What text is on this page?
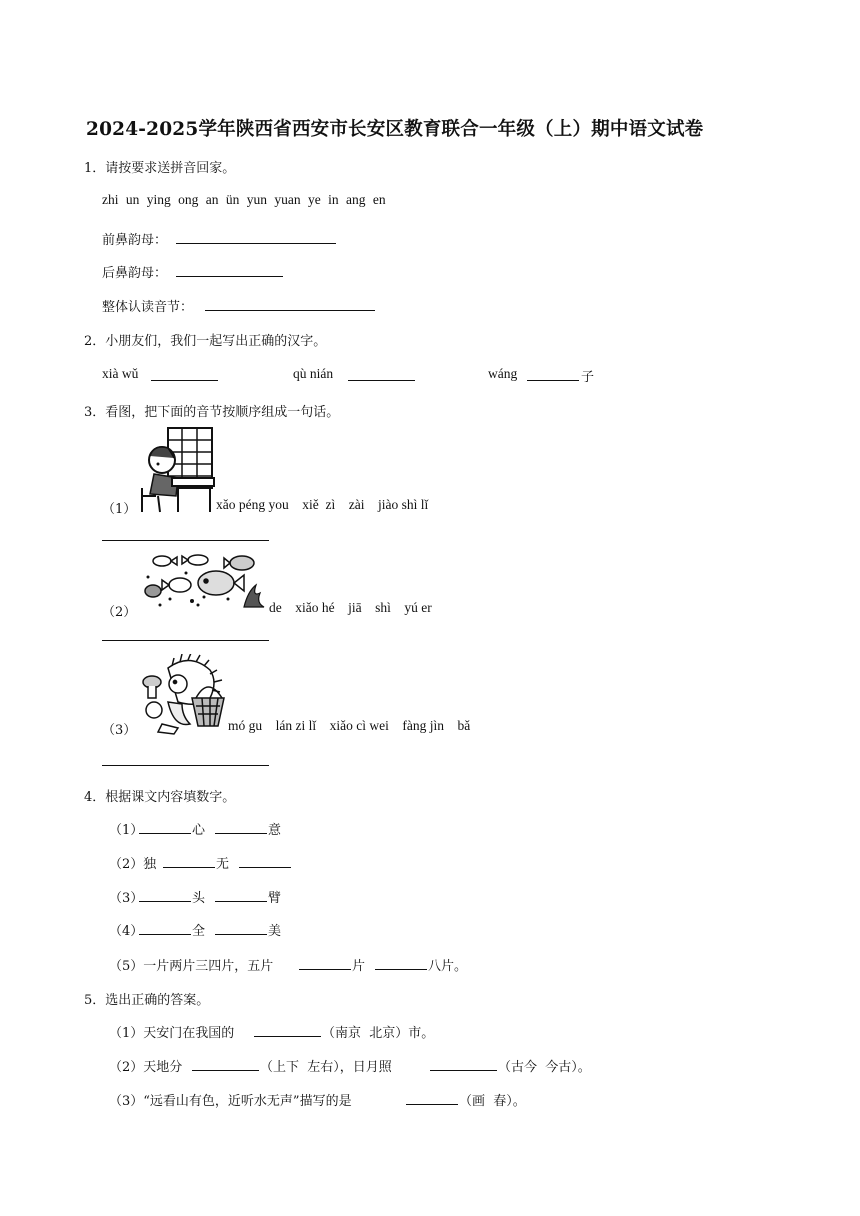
2024-2025学年陕西省西安市长安区教育联合一年级（上）期中语文试卷
1．请按要求送拼音回家。
zhi un ying ong an ün yun yuan ye in ang en
前鼻韵母：
后鼻韵母：
整体认读音节：
2．小朋友们，我们一起写出正确的汉字。
xià wǔ	qù nián	wáng	子
3．看图，把下面的音节按顺序组成一句话。
（1）	xǎo péng you    xiě  zì    zài    jiào shì lǐ
（2）	de    xiǎo hé    jiā    shì    yú er
（3）	mó gu    lán zi lǐ    xiǎo cì wei    fàng jìn    bǎ
4．根据课文内容填数字。
（1）	心	意
（2）独	无
（3）	头	臂
（4）	全	美
（5）一片两片三四片，五片	片	八片。
5．选出正确的答案。
（1）天安门在我国的	（南京  北京）市。
（2）天地分	（上下  左右），日月照	（古今  今古）。
（3）“远看山有色，近听水无声”描写的是	（画  春）。
